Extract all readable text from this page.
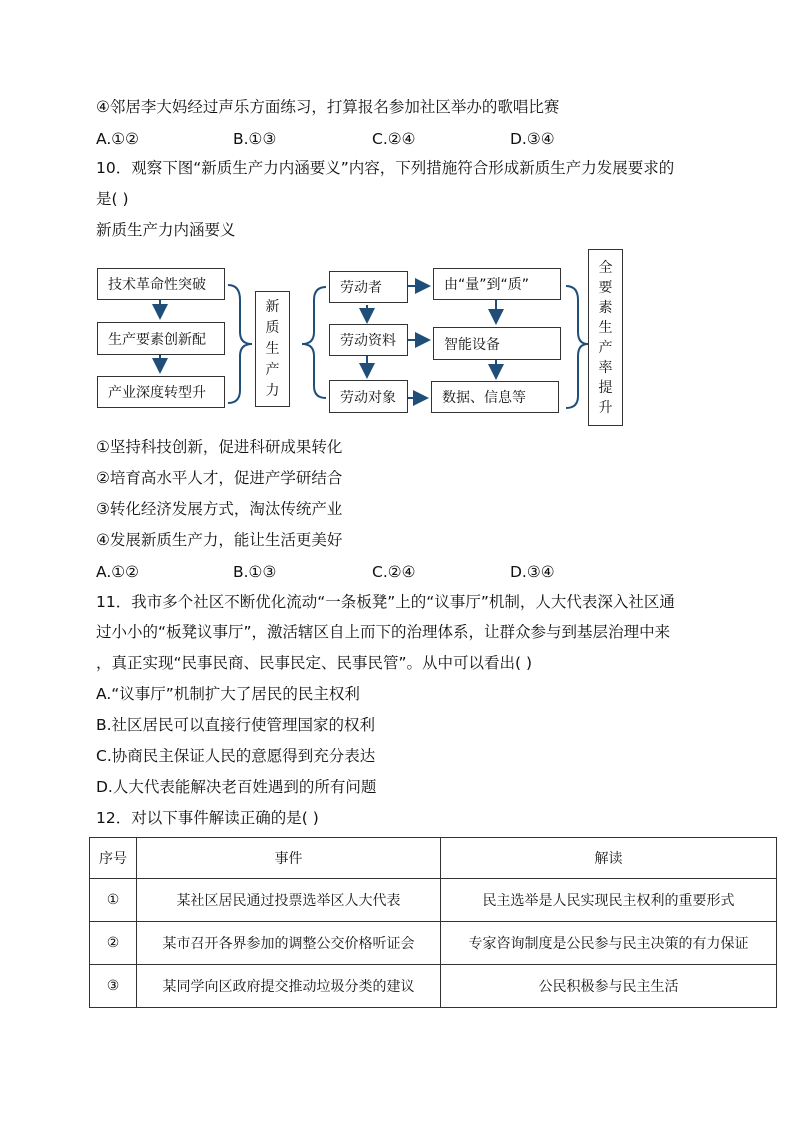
④邻居李大妈经过声乐方面练习，打算报名参加社区举办的歌唱比赛
A.①②	B.①③	C.②④	D.③④
10．观察下图“新质生产力内涵要义”内容，下列措施符合形成新质生产力发展要求的
是( )
新质生产力内涵要义
技术革命性突破
生产要素创新配
产业深度转型升
新
质
生
产
力
劳动者
劳动资料
劳动对象
由“量”到“质”
智能设备
数据、信息等
全
要
素
生
产
率
提
升
①坚持科技创新，促进科研成果转化
②培育高水平人才，促进产学研结合
③转化经济发展方式，淘汰传统产业
④发展新质生产力，能让生活更美好
A.①②	B.①③	C.②④	D.③④
11．我市多个社区不断优化流动“一条板凳”上的“议事厅”机制，人大代表深入社区通
过小小的“板凳议事厅”，激活辖区自上而下的治理体系，让群众参与到基层治理中来
，真正实现“民事民商、民事民定、民事民管”。从中可以看出( )
A.“议事厅”机制扩大了居民的民主权利
B.社区居民可以直接行使管理国家的权利
C.协商民主保证人民的意愿得到充分表达
D.人大代表能解决老百姓遇到的所有问题
12．对以下事件解读正确的是( )
序号	事件	解读
①	某社区居民通过投票选举区人大代表	民主选举是人民实现民主权利的重要形式
②	某市召开各界参加的调整公交价格听证会	专家咨询制度是公民参与民主决策的有力保证
③	某同学向区政府提交推动垃圾分类的建议	公民积极参与民主生活
